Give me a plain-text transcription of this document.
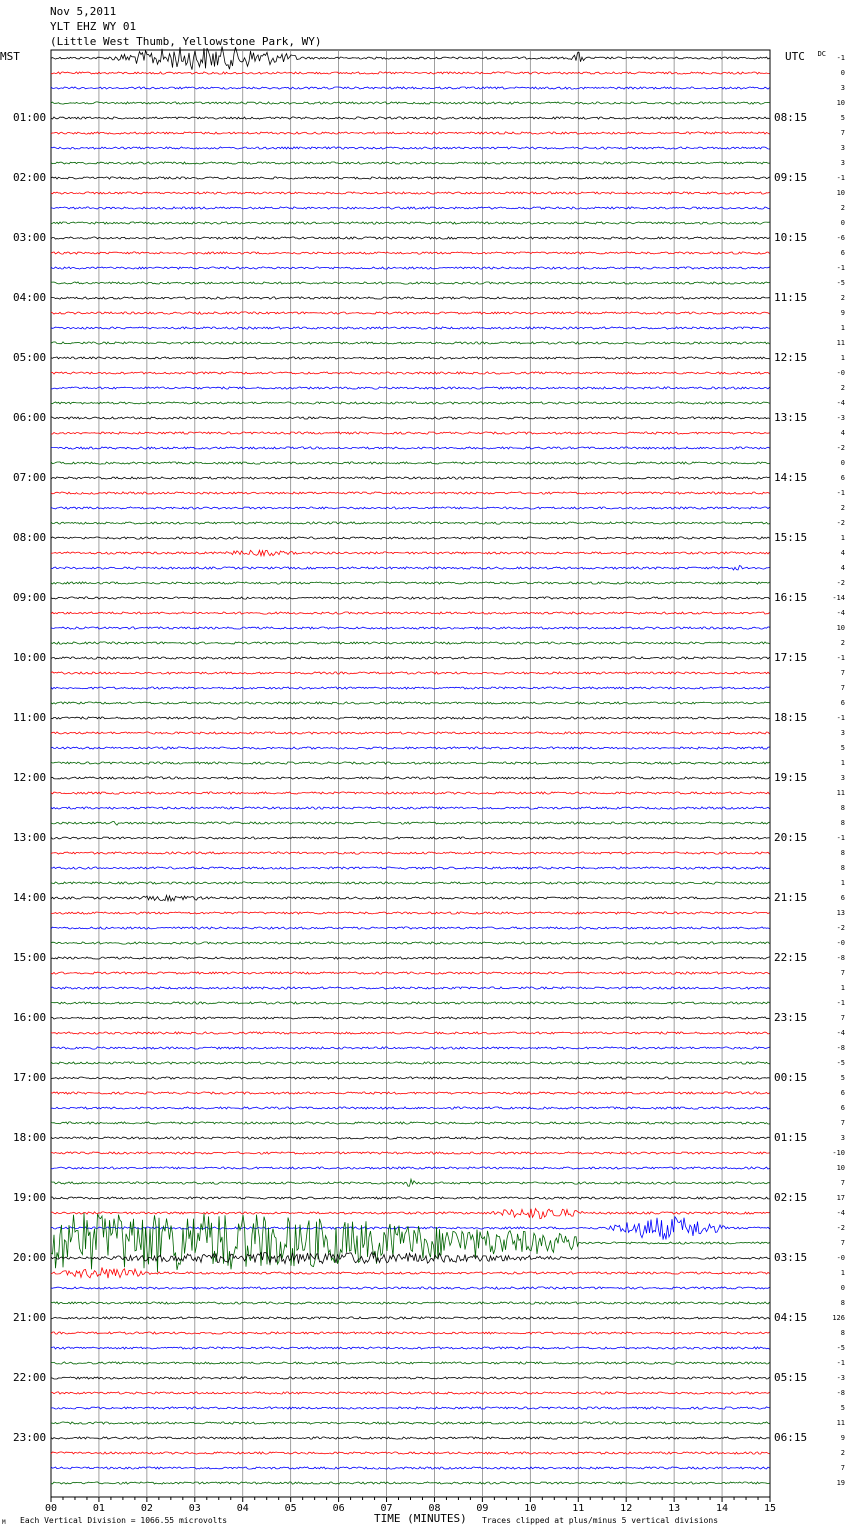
Nov 5,2011
YLT EHZ WY 01
(Little West Thumb, Yellowstone Park, WY)
MST	UTC	DC
00	01	02	03	04	05	06	07	08	09	10	11	12	13	14	15
01:00
02:00
03:00
04:00
05:00
06:00
07:00
08:00
09:00
10:00
11:00
12:00
13:00
14:00
15:00
16:00
17:00
18:00
19:00
20:00
21:00
22:00
23:00
08:15
09:15
10:15
11:15
12:15
13:15
14:15
15:15
16:15
17:15
18:15
19:15
20:15
21:15
22:15
23:15
00:15
01:15
02:15
03:15
04:15
05:15
06:15
-1
0
3
10
5
7
3
3
-1
10
2
0
-6
6
-1
-5
2
9
1
11
1
-0
2
-4
-3
4
-2
0
6
-1
2
-2
1
4
4
-2
-14
-4
10
2
-1
7
7
6
-1
3
5
1
3
11
8
8
-1
8
8
1
6
13
-2
-0
-8
7
1
-1
7
-4
-8
-5
5
6
6
7
3
-10
10
7
17
-4
-2
7
-0
1
0
8
126
8
-5
-1
-3
-8
5
11
9
2
7
19
TIME (MINUTES)
Each Vertical Division = 1066.55 microvolts	Traces clipped at plus/minus 5 vertical divisions
M
